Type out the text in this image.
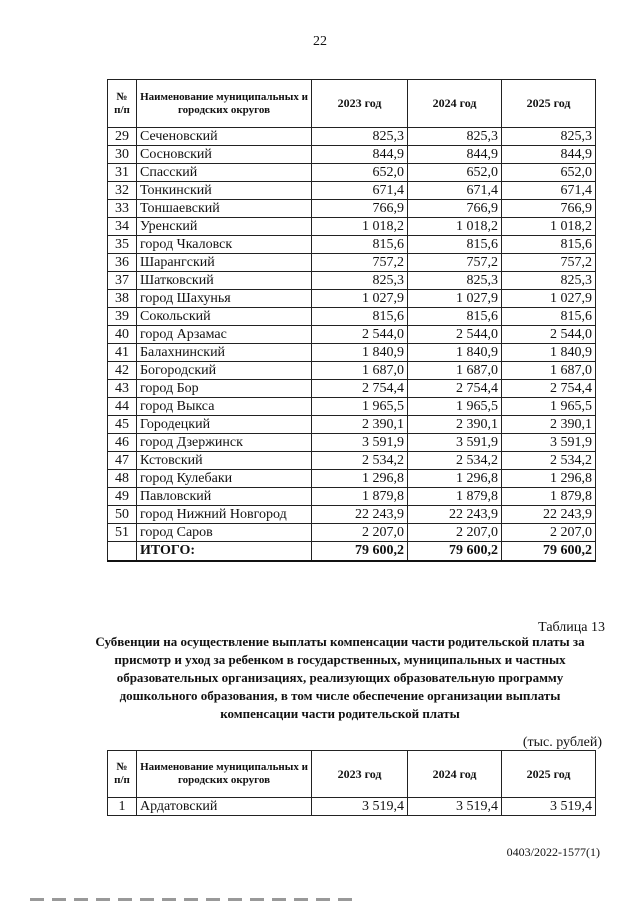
22
№ п/п	Наименование муниципальных и городских округов	2023 год	2024 год	2025 год
29	Сеченовский	825,3	825,3	825,3
30	Сосновский	844,9	844,9	844,9
31	Спасский	652,0	652,0	652,0
32	Тонкинский	671,4	671,4	671,4
33	Тоншаевский	766,9	766,9	766,9
34	Уренский	1 018,2	1 018,2	1 018,2
35	город Чкаловск	815,6	815,6	815,6
36	Шарангский	757,2	757,2	757,2
37	Шатковский	825,3	825,3	825,3
38	город Шахунья	1 027,9	1 027,9	1 027,9
39	Сокольский	815,6	815,6	815,6
40	город Арзамас	2 544,0	2 544,0	2 544,0
41	Балахнинский	1 840,9	1 840,9	1 840,9
42	Богородский	1 687,0	1 687,0	1 687,0
43	город Бор	2 754,4	2 754,4	2 754,4
44	город Выкса	1 965,5	1 965,5	1 965,5
45	Городецкий	2 390,1	2 390,1	2 390,1
46	город Дзержинск	3 591,9	3 591,9	3 591,9
47	Кстовский	2 534,2	2 534,2	2 534,2
48	город Кулебаки	1 296,8	1 296,8	1 296,8
49	Павловский	1 879,8	1 879,8	1 879,8
50	город Нижний Новгород	22 243,9	22 243,9	22 243,9
51	город Саров	2 207,0	2 207,0	2 207,0
	ИТОГО:	79 600,2	79 600,2	79 600,2
Таблица 13
Субвенции на осуществление выплаты компенсации части родительской платы за присмотр и уход за ребенком в государственных, муниципальных и частных образовательных организациях, реализующих образовательную программу дошкольного образования, в том числе обеспечение организации выплаты компенсации части родительской платы
(тыс. рублей)
№ п/п	Наименование муниципальных и городских округов	2023 год	2024 год	2025 год
1	Ардатовский	3 519,4	3 519,4	3 519,4
0403/2022-1577(1)
